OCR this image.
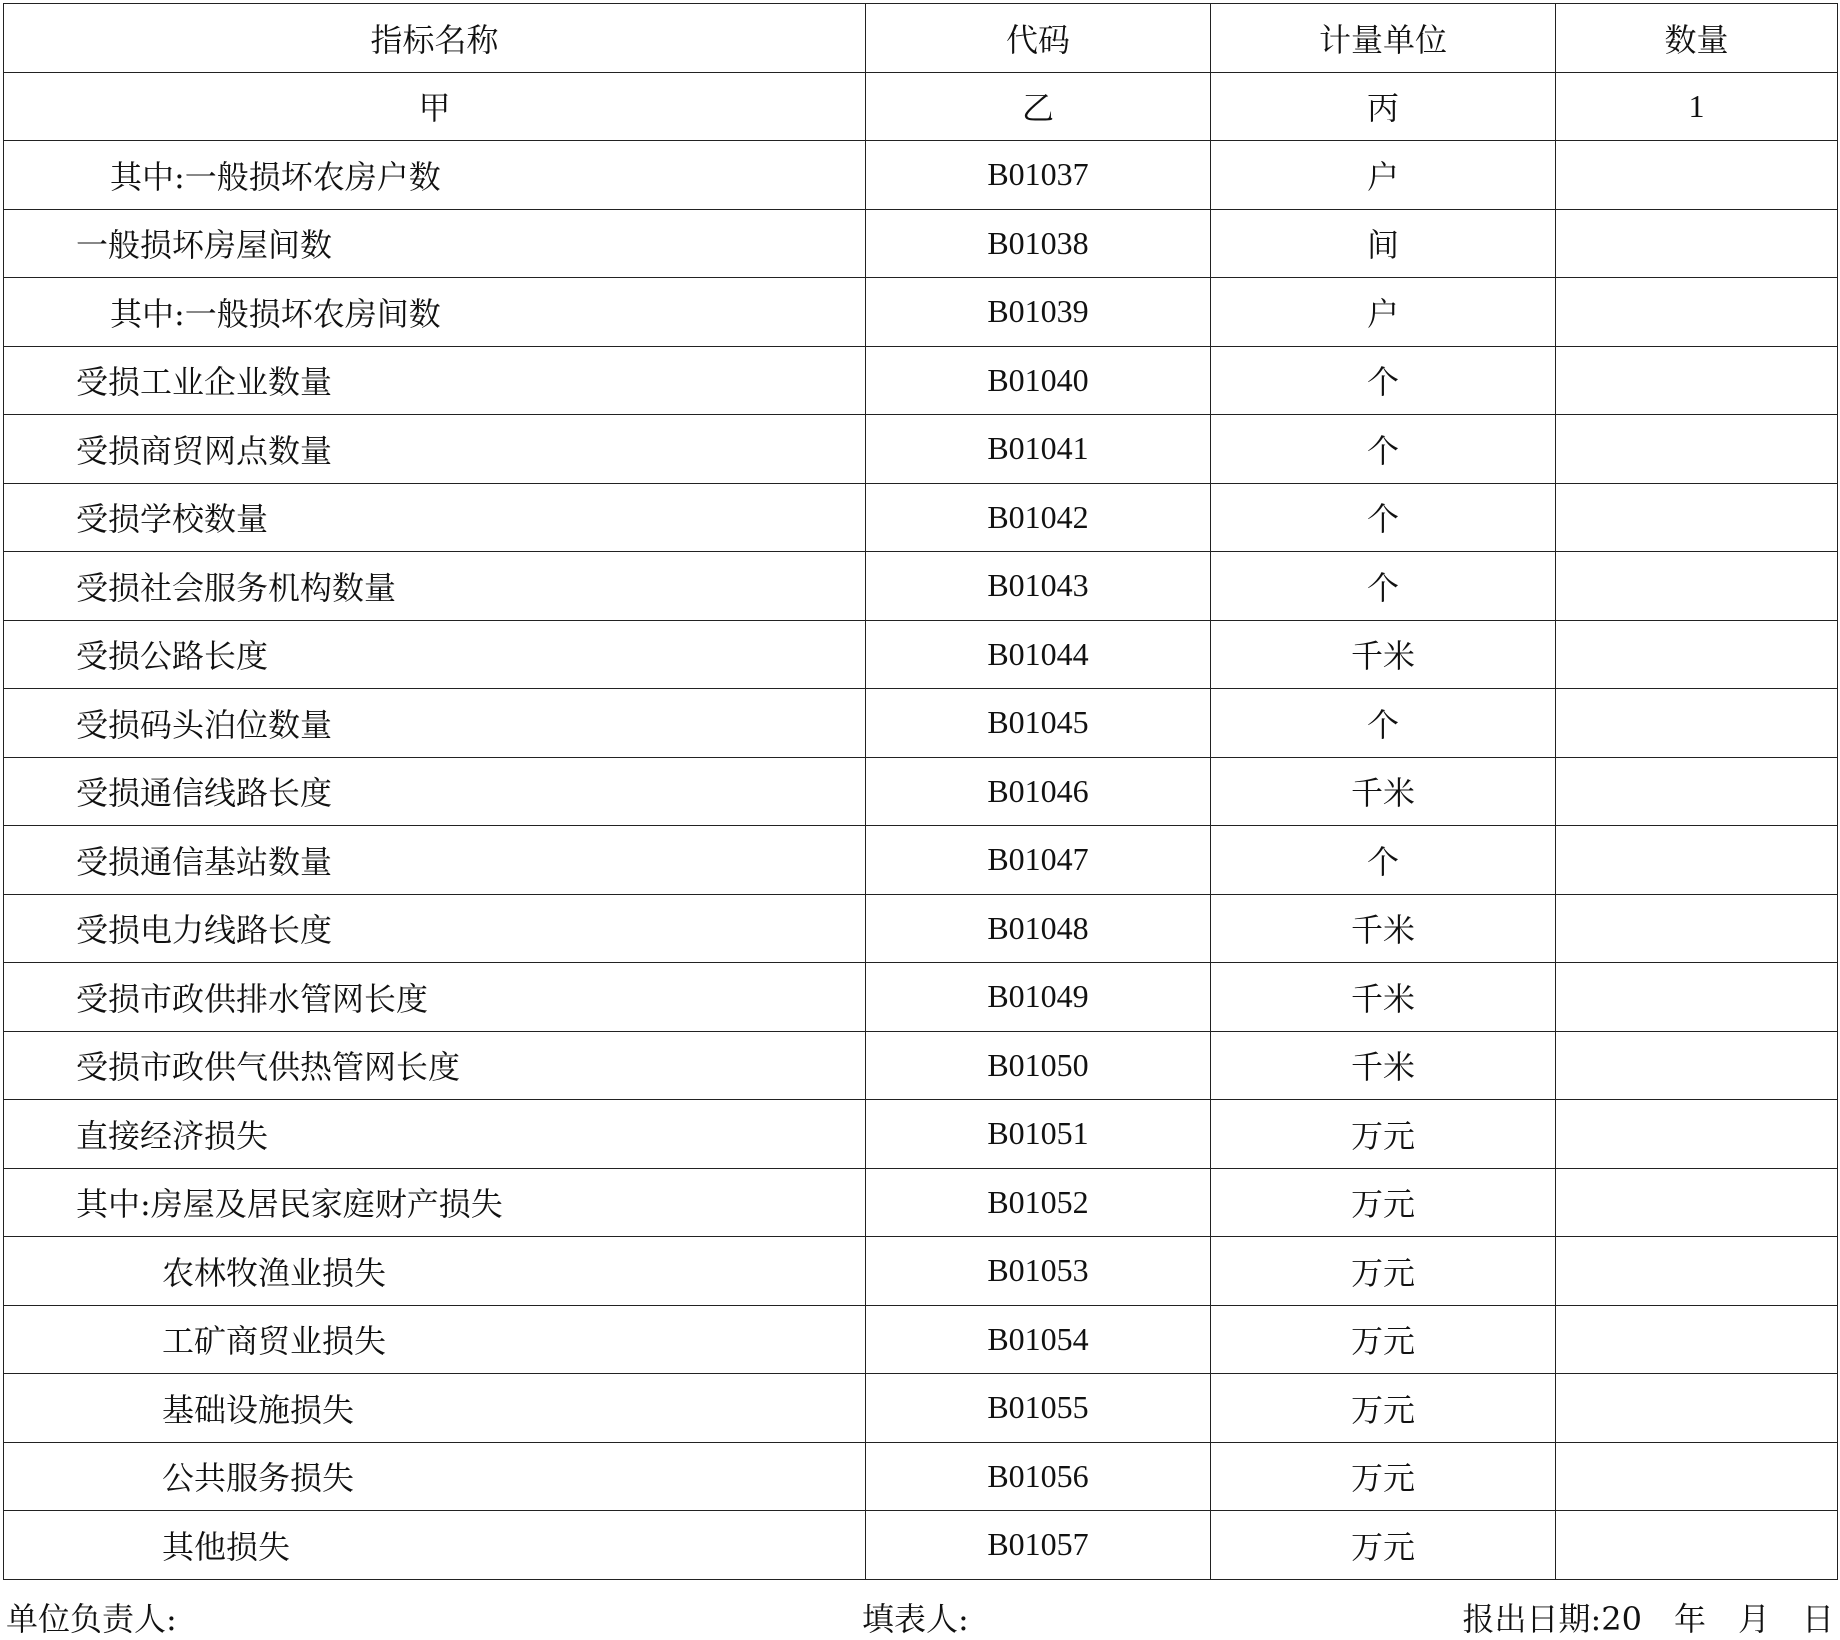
指标名称	代码	计量单位	数量
甲	乙	丙	1
其中:一般损坏农房户数	B01037	户	
一般损坏房屋间数	B01038	间	
其中:一般损坏农房间数	B01039	户	
受损工业企业数量	B01040	个	
受损商贸网点数量	B01041	个	
受损学校数量	B01042	个	
受损社会服务机构数量	B01043	个	
受损公路长度	B01044	千米	
受损码头泊位数量	B01045	个	
受损通信线路长度	B01046	千米	
受损通信基站数量	B01047	个	
受损电力线路长度	B01048	千米	
受损市政供排水管网长度	B01049	千米	
受损市政供气供热管网长度	B01050	千米	
直接经济损失	B01051	万元	
其中:房屋及居民家庭财产损失	B01052	万元	
农林牧渔业损失	B01053	万元	
工矿商贸业损失	B01054	万元	
基础设施损失	B01055	万元	
公共服务损失	B01056	万元	
其他损失	B01057	万元	
单位负责人:	填表人:	报出日期:20　年　月　日
